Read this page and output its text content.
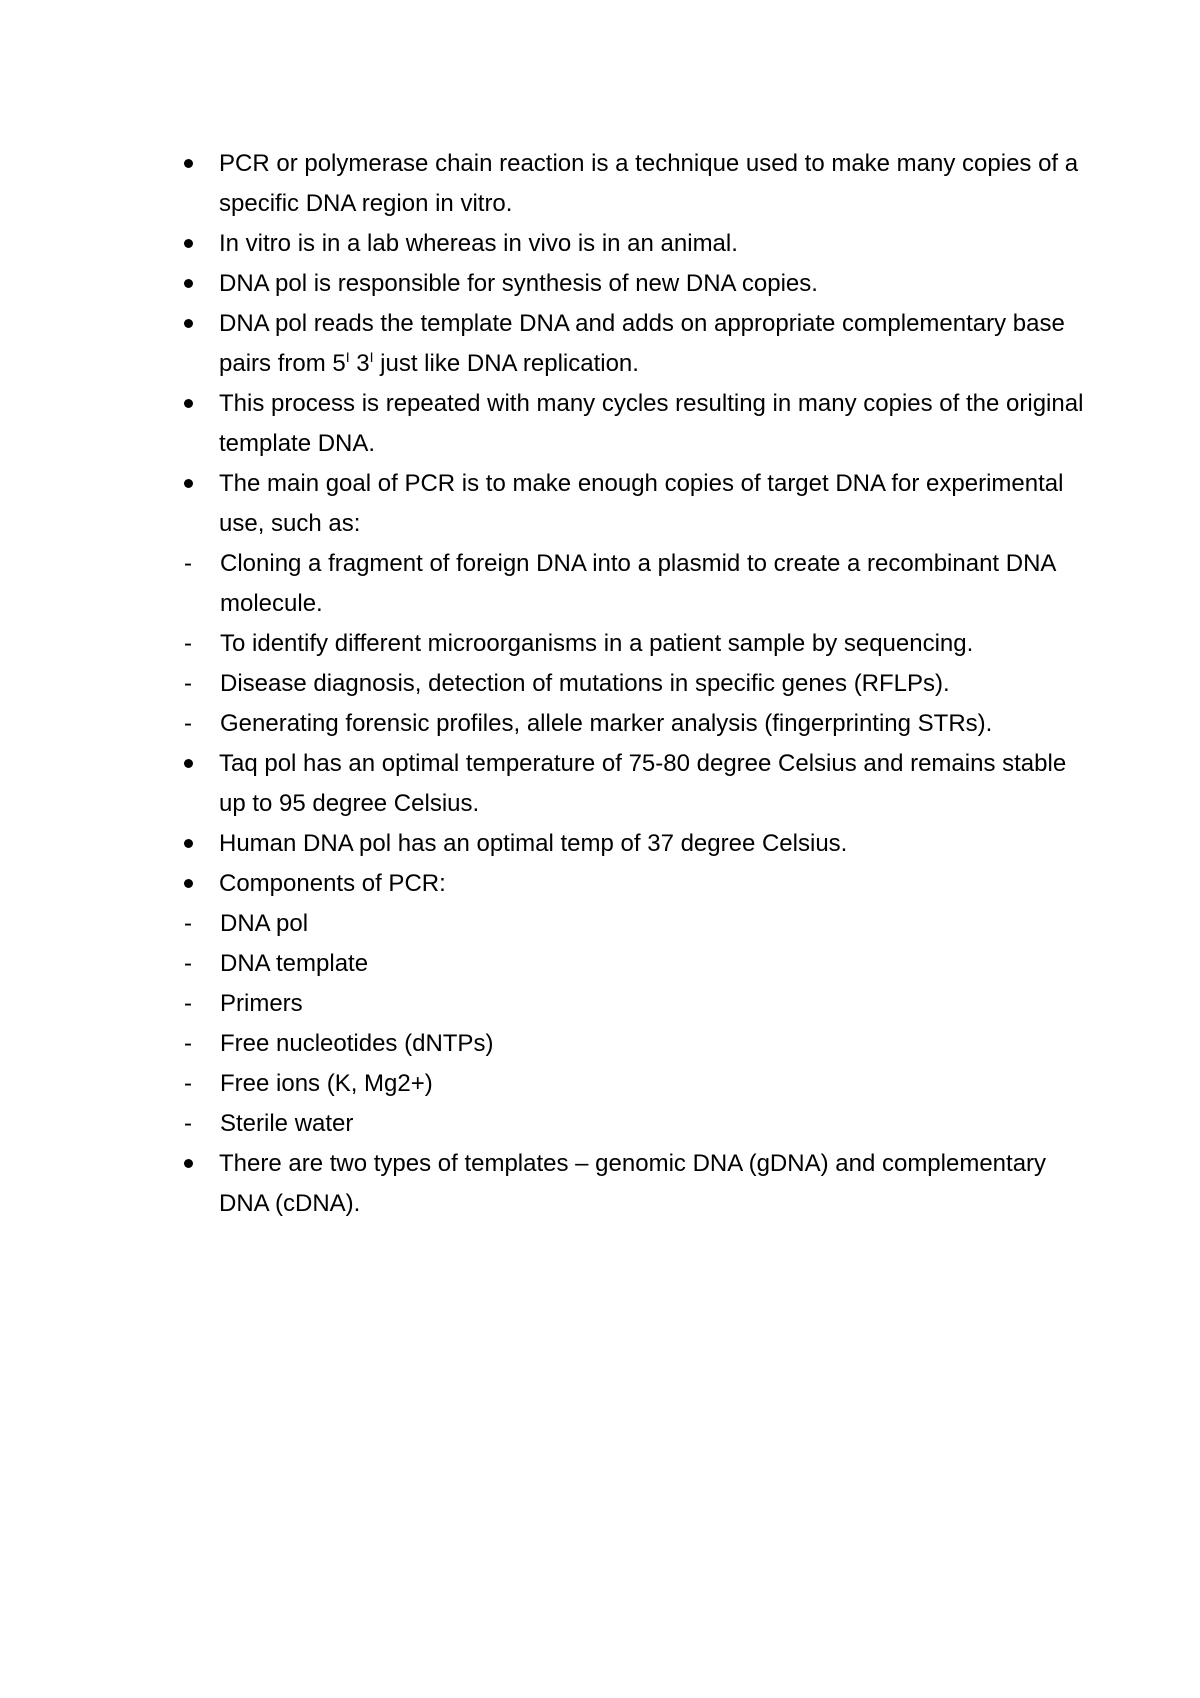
PCR or polymerase chain reaction is a technique used to make many copies of a specific DNA region in vitro.
In vitro is in a lab whereas in vivo is in an animal.
DNA pol is responsible for synthesis of new DNA copies.
DNA pol reads the template DNA and adds on appropriate complementary base pairs from $5^I$ $3^I$ just like DNA replication.
This process is repeated with many cycles resulting in many copies of the original template DNA.
The main goal of PCR is to make enough copies of target DNA for experimental use, such as:
-	Cloning a fragment of foreign DNA into a plasmid to create a recombinant DNA molecule.
-	To identify different microorganisms in a patient sample by sequencing.
-	Disease diagnosis, detection of mutations in specific genes (RFLPs).
-	Generating forensic profiles, allele marker analysis (fingerprinting STRs).
Taq pol has an optimal temperature of 75-80 degree Celsius and remains stable up to 95 degree Celsius.
Human DNA pol has an optimal temp of 37 degree Celsius.
Components of PCR:
-	DNA pol
-	DNA template
-	Primers
-	Free nucleotides (dNTPs)
-	Free ions (K, Mg2+)
-	Sterile water
There are two types of templates – genomic DNA (gDNA) and complementary DNA (cDNA).
